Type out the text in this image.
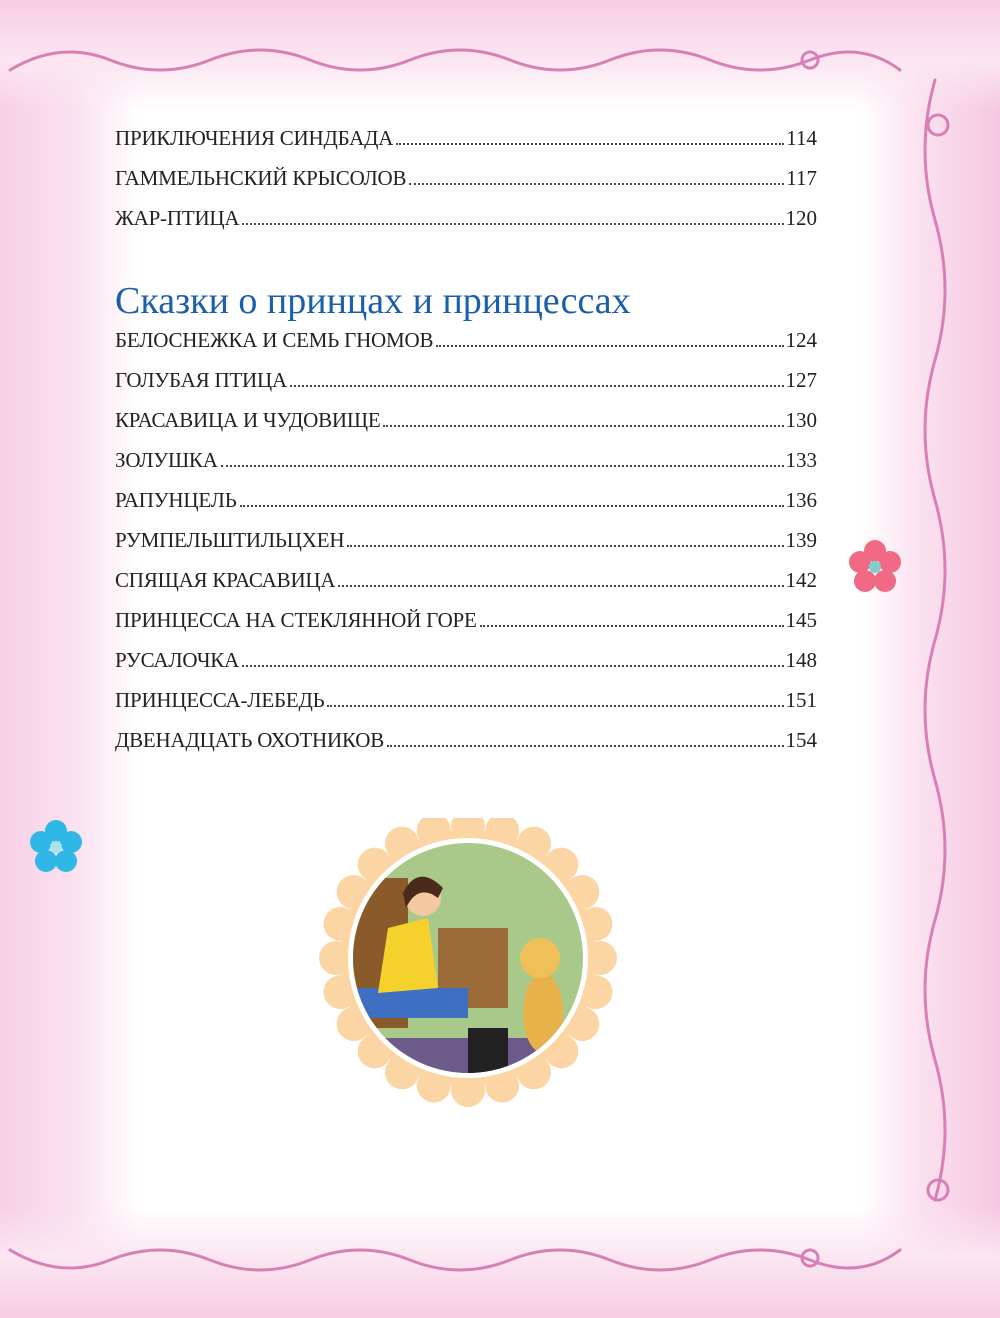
ПРИКЛЮЧЕНИЯ СИНДБАДА	114
ГАММЕЛЬНСКИЙ КРЫСОЛОВ	117
ЖАР-ПТИЦА	120
Сказки о принцах и принцессах
БЕЛОСНЕЖКА И СЕМЬ ГНОМОВ	124
ГОЛУБАЯ ПТИЦА	127
КРАСАВИЦА И ЧУДОВИЩЕ	130
ЗОЛУШКА	133
РАПУНЦЕЛЬ	136
РУМПЕЛЬШТИЛЬЦХЕН	139
СПЯЩАЯ КРАСАВИЦА	142
ПРИНЦЕССА НА СТЕКЛЯННОЙ ГОРЕ	145
РУСАЛОЧКА	148
ПРИНЦЕССА-ЛЕБЕДЬ	151
ДВЕНАДЦАТЬ ОХОТНИКОВ	154
